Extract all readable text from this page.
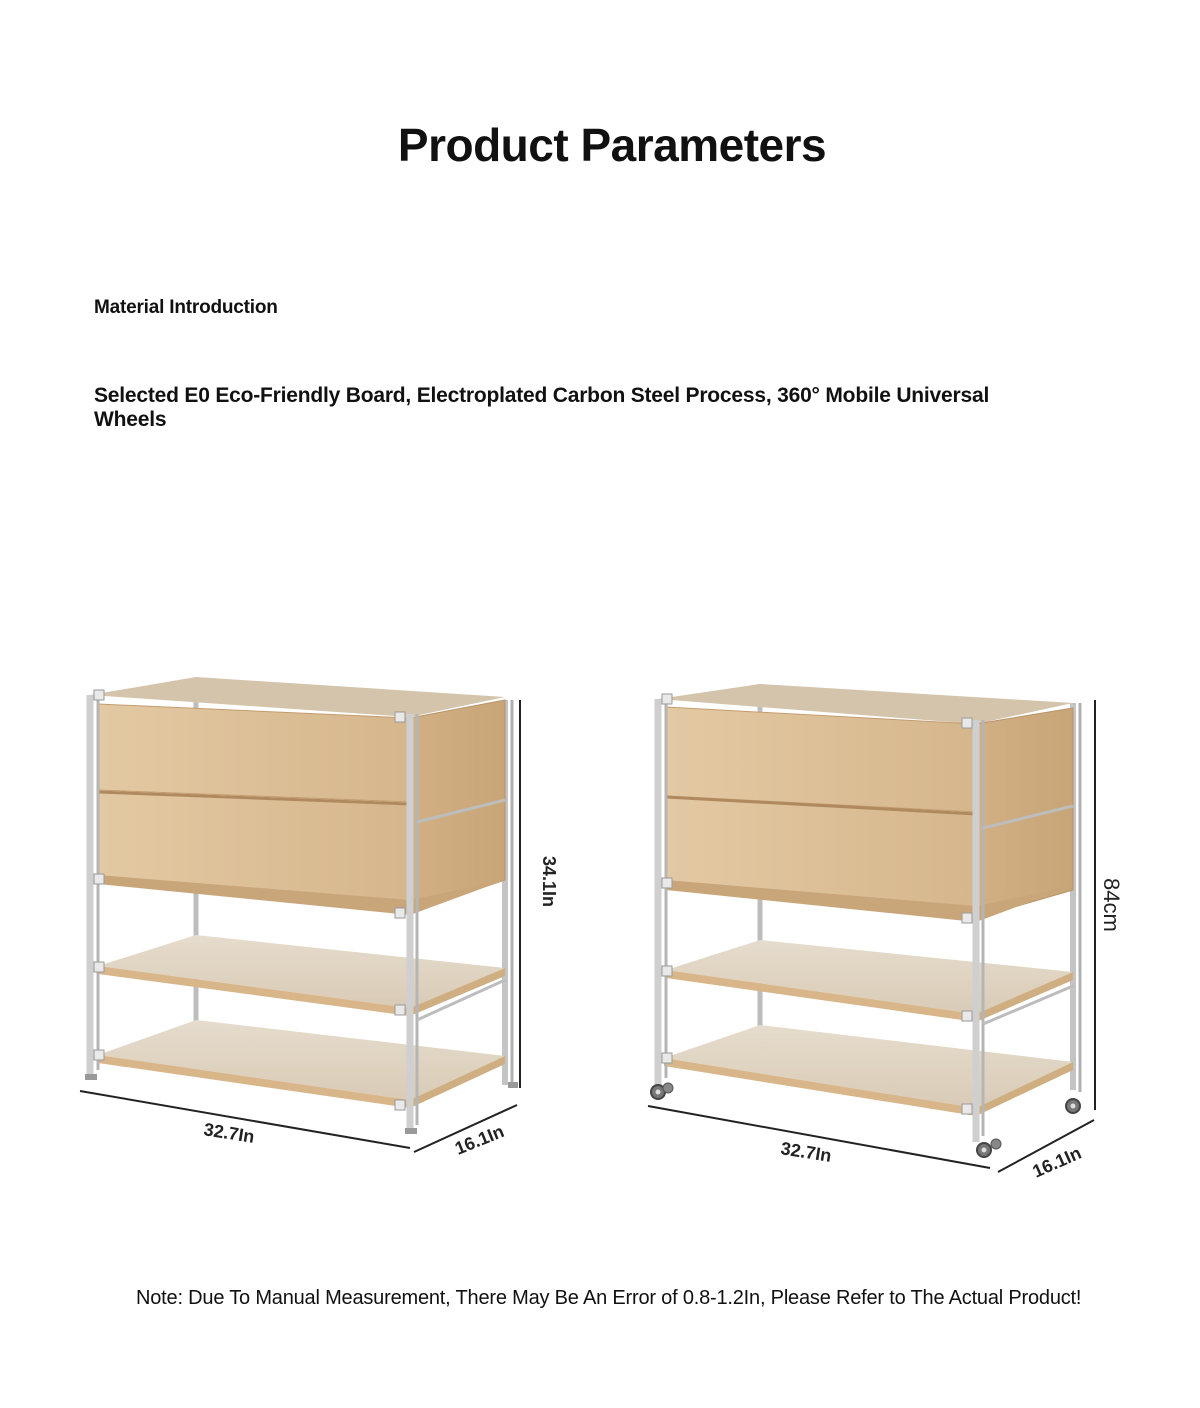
Product Parameters
Material Introduction
Selected E0 Eco-Friendly Board, Electroplated Carbon Steel Process, 360° Mobile Universal Wheels
32.7In	16.1In
34.1In
32.7In	16.1In
84cm
Note: Due To Manual Measurement, There May Be An Error of 0.8-1.2In, Please Refer to The Actual Product!
